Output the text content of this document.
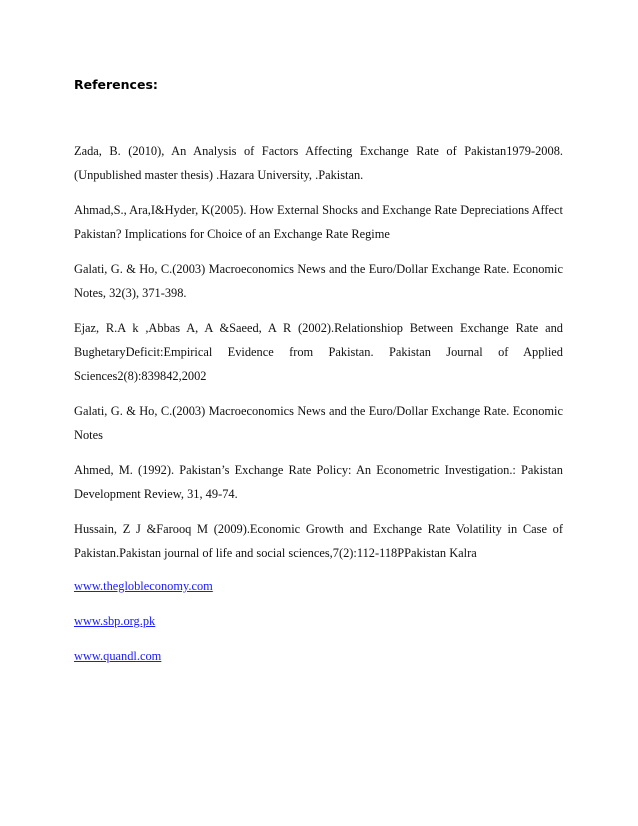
References:

Zada, B. (2010), An Analysis of Factors Affecting Exchange Rate of Pakistan1979-2008. (Unpublished master thesis) .Hazara University, .Pakistan.

Ahmad,S., Ara,I&Hyder, K(2005). How External Shocks and Exchange Rate Depreciations Affect Pakistan? Implications for Choice of an Exchange Rate Regime

Galati, G. & Ho, C.(2003) Macroeconomics News and the Euro/Dollar Exchange Rate. Economic Notes, 32(3), 371-398.

Ejaz, R.A k ,Abbas A, A &Saeed, A R (2002).Relationshiop Between Exchange Rate and BughetaryDeficit:Empirical Evidence from Pakistan. Pakistan Journal of Applied Sciences2(8):839842,2002

Galati, G. & Ho, C.(2003) Macroeconomics News and the Euro/Dollar Exchange Rate. Economic Notes

Ahmed, M. (1992). Pakistan’s Exchange Rate Policy: An Econometric Investigation.: Pakistan Development Review, 31, 49-74.

Hussain, Z J &Farooq M (2009).Economic Growth and Exchange Rate Volatility in Case of Pakistan.Pakistan journal of life and social sciences,7(2):112-118PPakistan Kalra

www.theglobleconomy.com
www.sbp.org.pk
www.quandl.com
